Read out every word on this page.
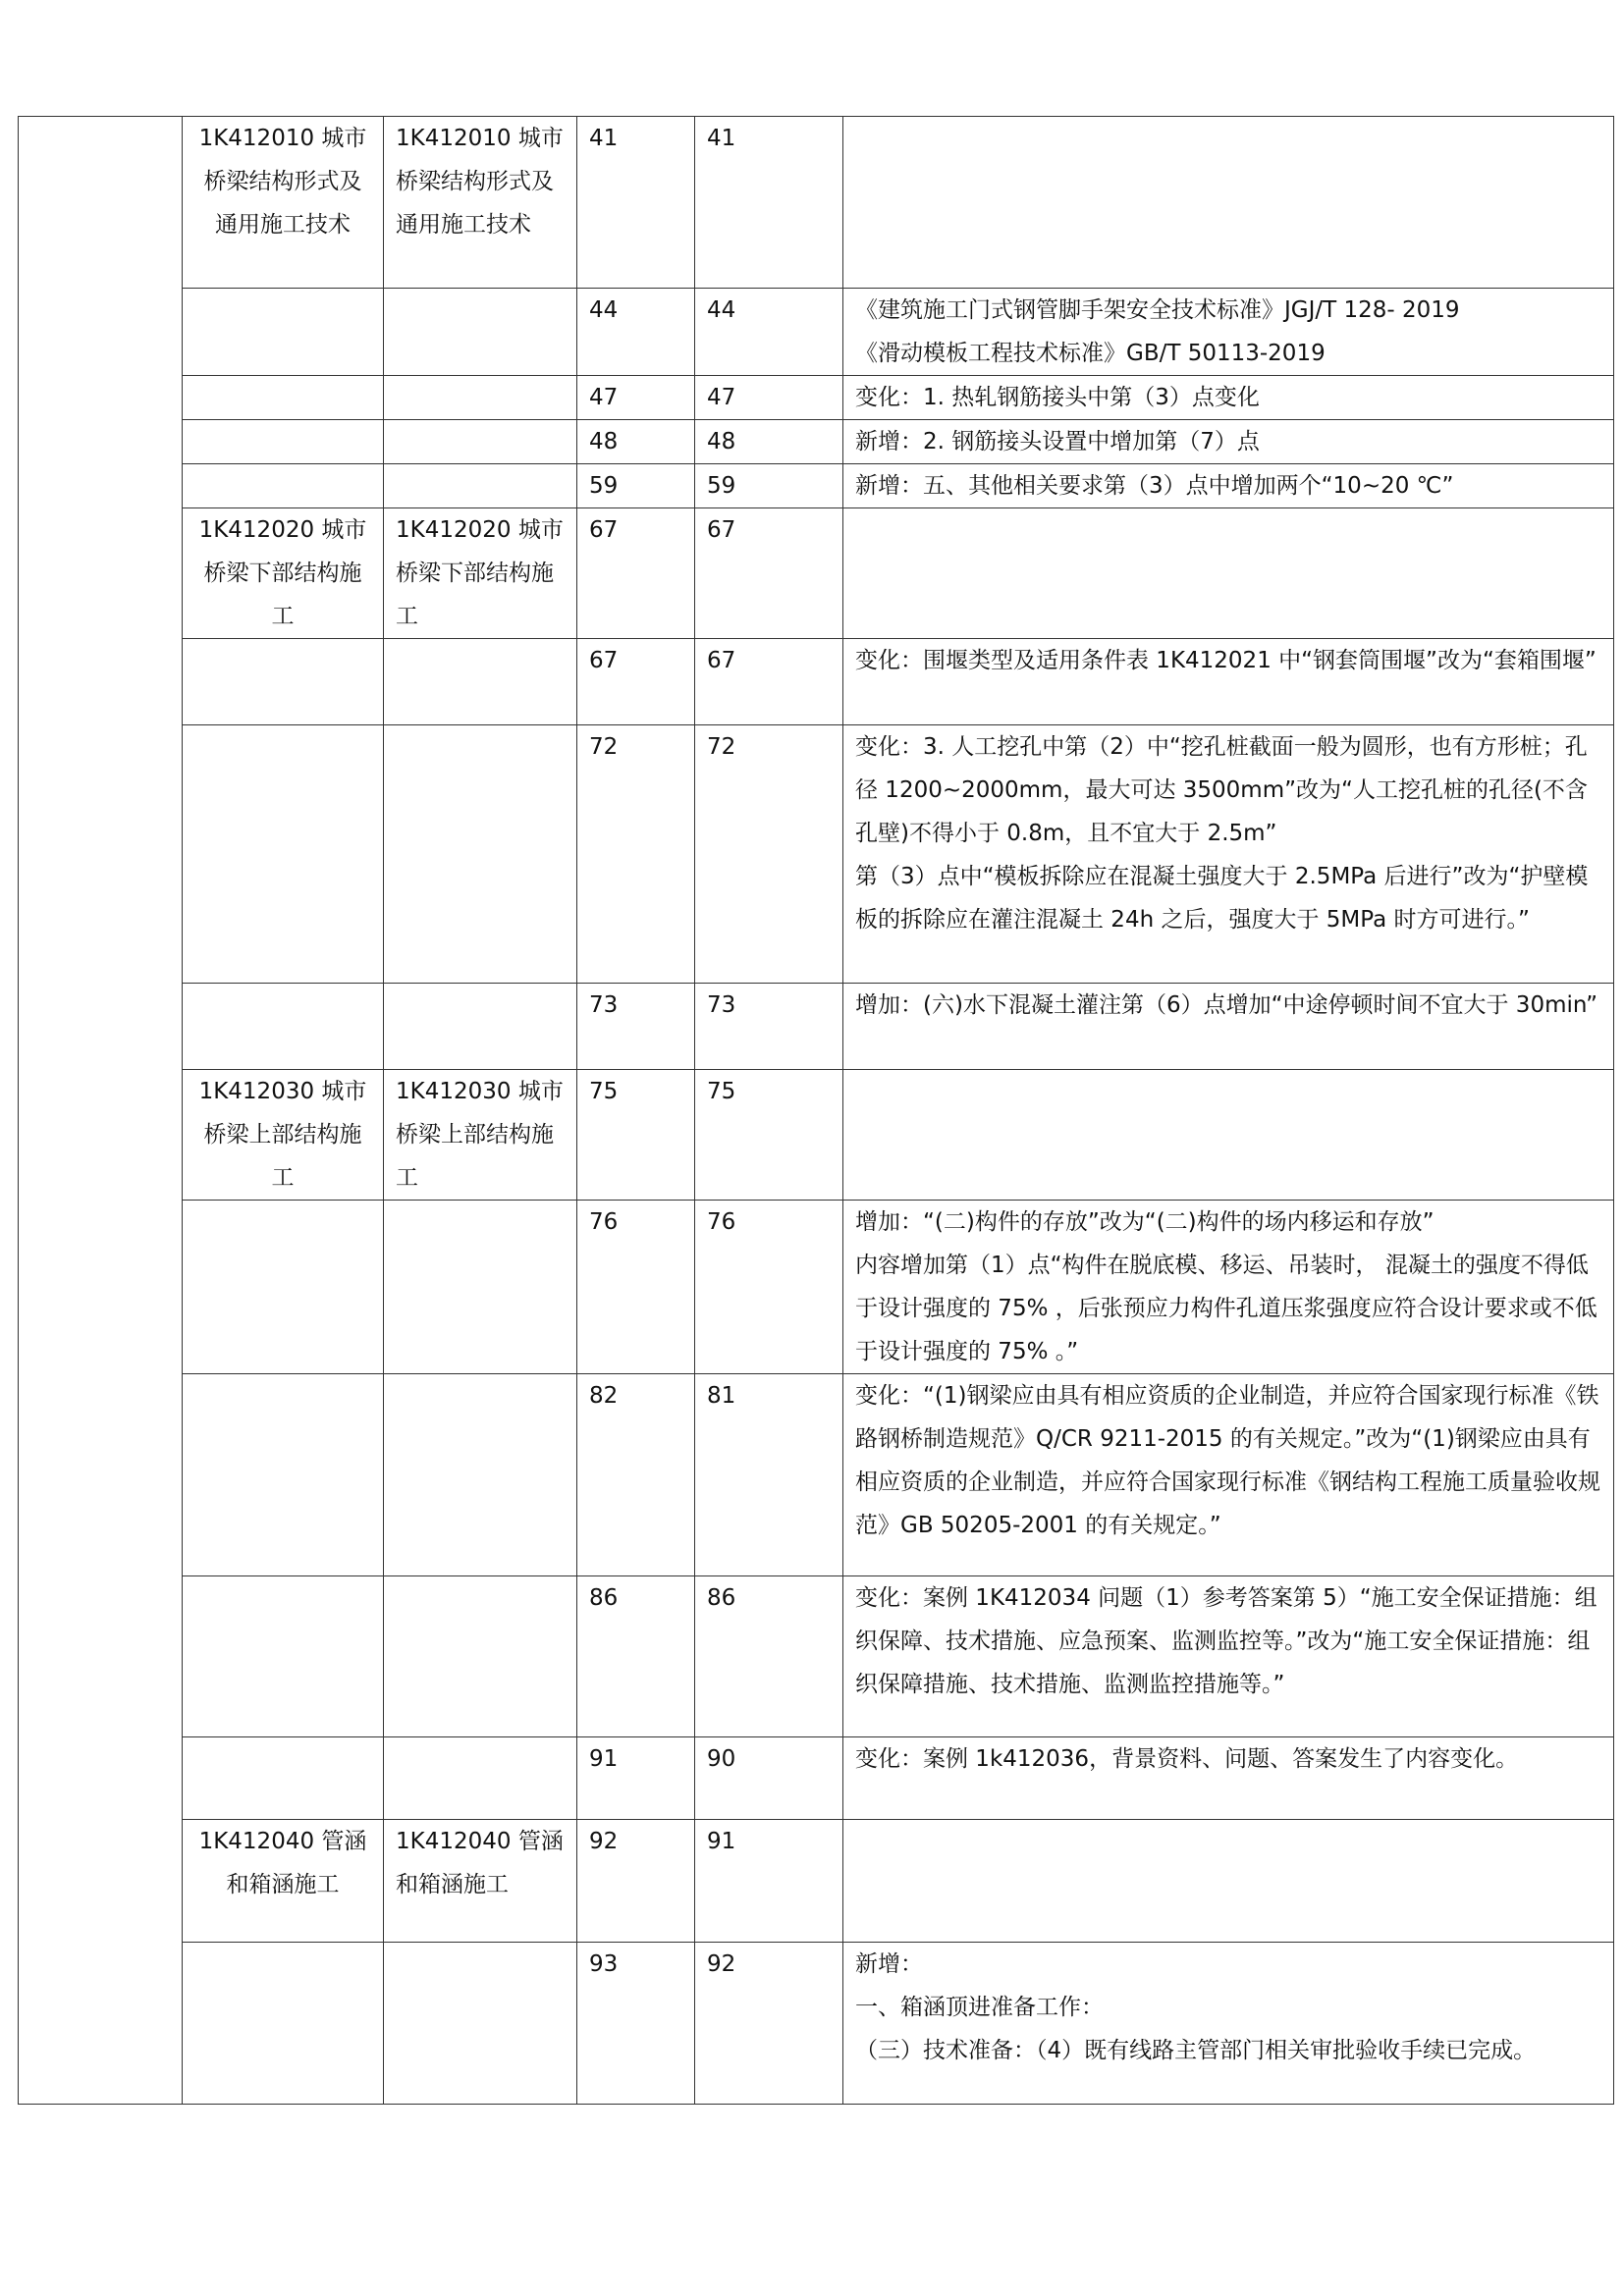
	1K412010 城市桥梁结构形式及通用施工技术	1K412010 城市桥梁结构形式及通用施工技术	41	41	
			44	44	《建筑施工门式钢管脚手架安全技术标准》JGJ/T 128- 2019
《滑动模板工程技术标准》GB/T 50113-2019

			47	47	变化：1. 热轧钢筋接头中第（3）点变化

			48	48	新增：2. 钢筋接头设置中增加第（7）点

			59	59	新增：五、其他相关要求第（3）点中增加两个“10~20 ℃”

	1K412020 城市桥梁下部结构施工	1K412020 城市桥梁下部结构施工	67	67	
			67	67	变化：围堰类型及适用条件表 1K412021 中“钢套筒围堰”改为“套箱围堰”

			72	72	变化：3. 人工挖孔中第（2）中“挖孔桩截面一般为圆形，也有方形桩；孔径 1200~2000mm，最大可达 3500mm”改为“人工挖孔桩的孔径(不含孔壁)不得小于 0.8m，且不宜大于 2.5m”
第（3）点中“模板拆除应在混凝土强度大于 2.5MPa 后进行”改为“护壁模板的拆除应在灌注混凝土 24h 之后，强度大于 5MPa 时方可进行。”

			73	73	增加：(六)水下混凝土灌注第（6）点增加“中途停顿时间不宜大于 30min”

	1K412030 城市桥梁上部结构施工	1K412030 城市桥梁上部结构施工	75	75	
			76	76	增加：“(二)构件的存放”改为“(二)构件的场内移运和存放”
内容增加第（1）点“构件在脱底模、移运、吊装时， 混凝土的强度不得低于设计强度的 75% ，后张预应力构件孔道压浆强度应符合设计要求或不低于设计强度的 75% 。”

			82	81	变化：“(1)钢梁应由具有相应资质的企业制造，并应符合国家现行标准《铁路钢桥制造规范》Q/CR 9211-2015 的有关规定。”改为“(1)钢梁应由具有相应资质的企业制造，并应符合国家现行标准《钢结构工程施工质量验收规范》GB 50205-2001 的有关规定。”

			86	86	变化：案例 1K412034 问题（1）参考答案第 5）“施工安全保证措施：组织保障、技术措施、应急预案、监测监控等。”改为“施工安全保证措施：组织保障措施、技术措施、监测监控措施等。”

			91	90	变化：案例 1k412036，背景资料、问题、答案发生了内容变化。

	1K412040 管涵和箱涵施工	1K412040 管涵和箱涵施工	92	91	
			93	92	新增：
一、箱涵顶进准备工作：
（三）技术准备：（4）既有线路主管部门相关审批验收手续已完成。
